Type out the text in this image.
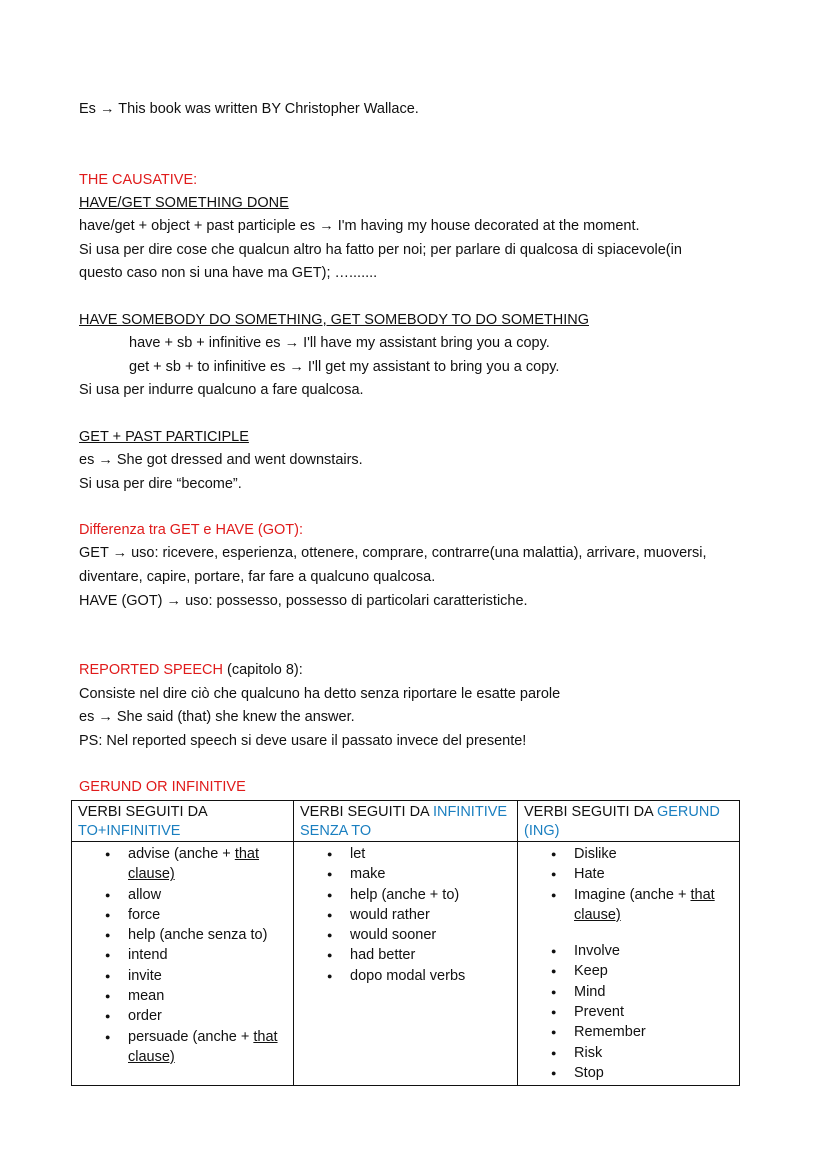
Es → This book was written BY Christopher Wallace.
THE CAUSATIVE:
HAVE/GET SOMETHING DONE
have/get + object + past participle es → I'm having my house decorated at the moment.
Si usa per dire cose che qualcun altro ha fatto per noi; per parlare di qualcosa di spiacevole(in
questo caso non si una have ma GET); ….......
HAVE SOMEBODY DO SOMETHING, GET SOMEBODY TO DO SOMETHING
have + sb + infinitive es → I'll have my assistant bring you a copy.
get + sb + to infinitive es → I'll get my assistant to bring you a copy.
Si usa per indurre qualcuno a fare qualcosa.
GET + PAST PARTICIPLE
es → She got dressed and went downstairs.
Si usa per dire “become”.
Differenza tra GET e HAVE (GOT):
GET → uso: ricevere, esperienza, ottenere, comprare, contrarre(una malattia), arrivare, muoversi,
diventare, capire, portare, far fare a qualcuno qualcosa.
HAVE (GOT) → uso: possesso, possesso di particolari caratteristiche.
REPORTED SPEECH (capitolo 8):
Consiste nel dire ciò che qualcuno ha detto senza riportare le esatte parole
es → She said (that) she knew the answer.
PS: Nel reported speech si deve usare il passato invece del presente!
GERUND OR INFINITIVE
VERBI SEGUITI DA
TO+INFINITIVE
● advise (anche + that
clause)
● allow
● force
● help (anche senza to)
● intend
● invite
● mean
● order
● persuade (anche + that
clause)
VERBI SEGUITI DA INFINITIVE SENZA TO
● let
● make
● help (anche + to)
● would rather
● would sooner
● had better
● dopo modal verbs
VERBI SEGUITI DA GERUND (ING)
● Dislike
● Hate
● Imagine (anche + that
clause)
● Involve
● Keep
● Mind
● Prevent
● Remember
● Risk
● Stop
